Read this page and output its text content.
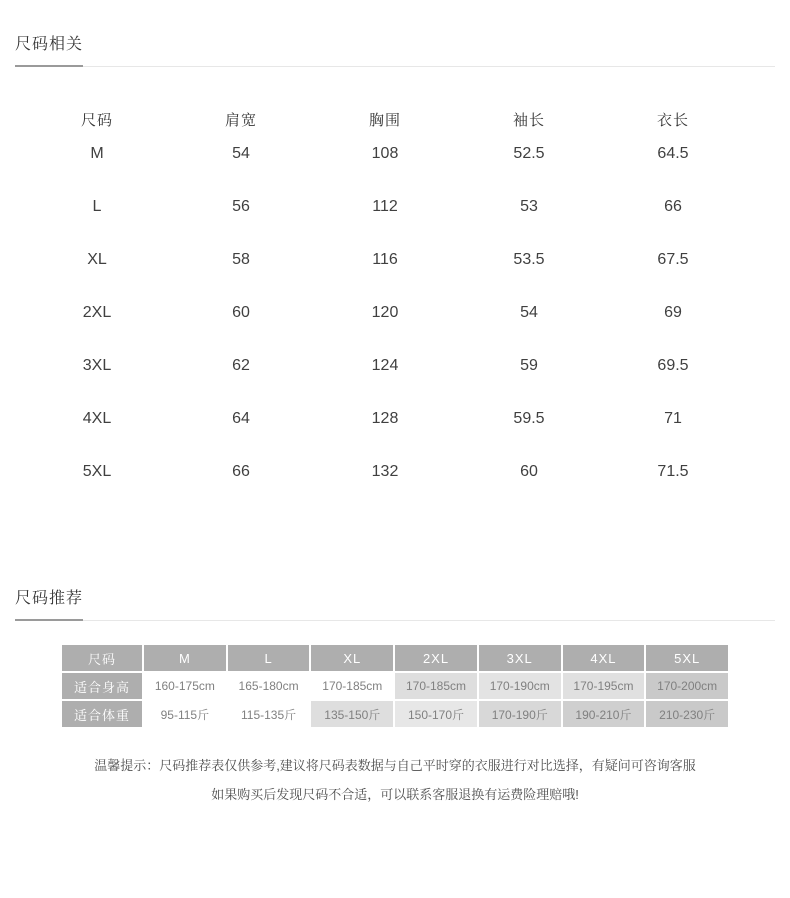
尺码相关
尺码	肩宽	胸围	袖长	衣长
M	54	108	52.5	64.5
L	56	112	53	66
XL	58	116	53.5	67.5
2XL	60	120	54	69
3XL	62	124	59	69.5
4XL	64	128	59.5	71
5XL	66	132	60	71.5
尺码推荐
尺码	M	L	XL	2XL	3XL	4XL	5XL
适合身高	160-175cm	165-180cm	170-185cm	170-185cm	170-190cm	170-195cm	170-200cm
适合体重	95-115斤	115-135斤	135-150斤	150-170斤	170-190斤	190-210斤	210-230斤
温馨提示：尺码推荐表仅供参考,建议将尺码表数据与自己平时穿的衣服进行对比选择，有疑问可咨询客服
如果购买后发现尺码不合适，可以联系客服退换有运费险理赔哦!
